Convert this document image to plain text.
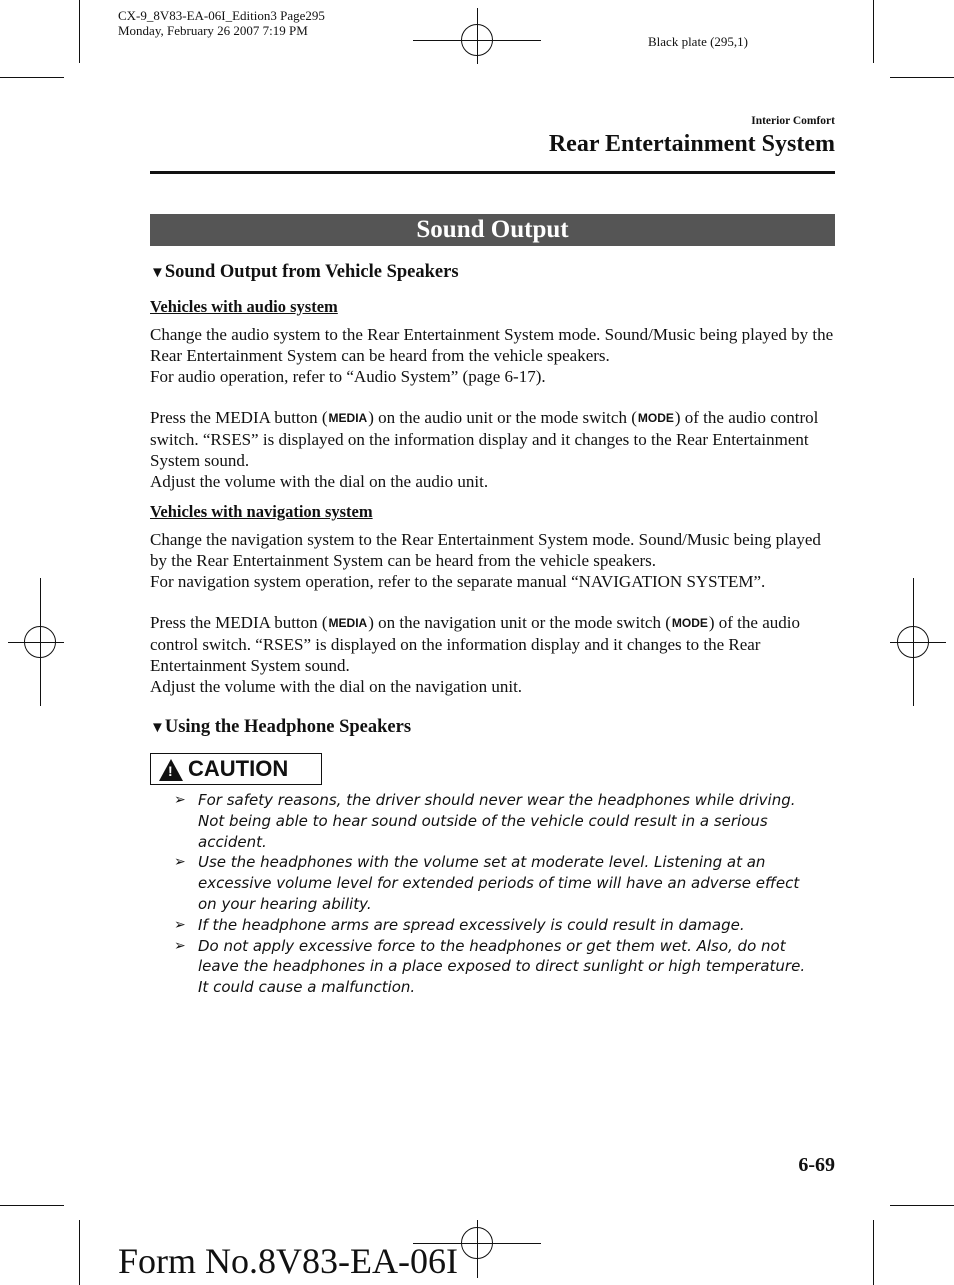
CX-9_8V83-EA-06I_Edition3 Page295
Monday, February 26 2007 7:19 PM
Black plate (295,1)
Interior Comfort
Rear Entertainment System
Sound Output
▼Sound Output from Vehicle Speakers
Vehicles with audio system

Change the audio system to the Rear Entertainment System mode. Sound/Music being played by the Rear Entertainment System can be heard from the vehicle speakers.

For audio operation, refer to “Audio System” (page 6-17).

Press the MEDIA button (MEDIA) on the audio unit or the mode switch (MODE) of the audio control switch. “RSES” is displayed on the information display and it changes to the Rear Entertainment System sound.

Adjust the volume with the dial on the audio unit.

Vehicles with navigation system

Change the navigation system to the Rear Entertainment System mode. Sound/Music being played by the Rear Entertainment System can be heard from the vehicle speakers.

For navigation system operation, refer to the separate manual “NAVIGATION SYSTEM”.

Press the MEDIA button (MEDIA) on the navigation unit or the mode switch (MODE) of the audio control switch. “RSES” is displayed on the information display and it changes to the Rear Entertainment System sound.

Adjust the volume with the dial on the navigation unit.

▼Using the Headphone Speakers
! CAUTION
➢ For safety reasons, the driver should never wear the headphones while driving. Not being able to hear sound outside of the vehicle could result in a serious accident.
➢ Use the headphones with the volume set at moderate level. Listening at an excessive volume level for extended periods of time will have an adverse effect on your hearing ability.
➢ If the headphone arms are spread excessively is could result in damage.
➢ Do not apply excessive force to the headphones or get them wet. Also, do not leave the headphones in a place exposed to direct sunlight or high temperature. It could cause a malfunction.
6-69
Form No.8V83-EA-06I
